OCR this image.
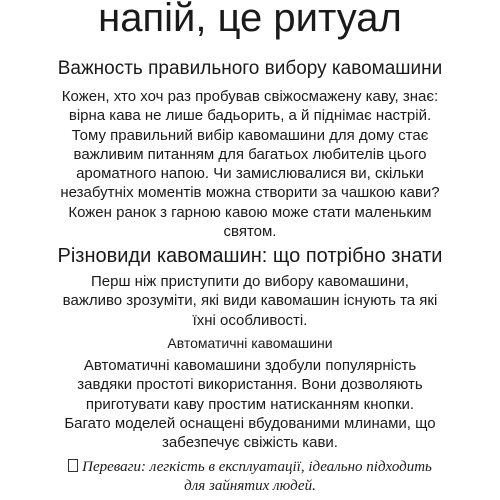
напій, це ритуал
Важность правильного вибору кавомашини

Кожен, хто хоч раз пробував свіжосмажену каву, знає:
вірна кава не лише бадьорить, а й піднімає настрій.
Тому правильний вибір кавомашини для дому стає
важливим питанням для багатьох любителів цього
ароматного напою. Чи замислювалися ви, скільки
незабутніх моментів можна створити за чашкою кави?
Кожен ранок з гарною кавою може стати маленьким
святом.

Різновиди кавомашин: що потрібно знати

Перш ніж приступити до вибору кавомашини,
важливо зрозуміти, які види кавомашин існують та які
їхні особливості.

Автоматичні кавомашини

Автоматичні кавомашини здобули популярність
завдяки простоті використання. Вони дозволяють
приготувати каву простим натисканням кнопки.
Багато моделей оснащені вбудованими млинами, що
забезпечує свіжість кави.

Переваги: легкість в експлуатації, ідеально підходить
для зайнятих людей.
